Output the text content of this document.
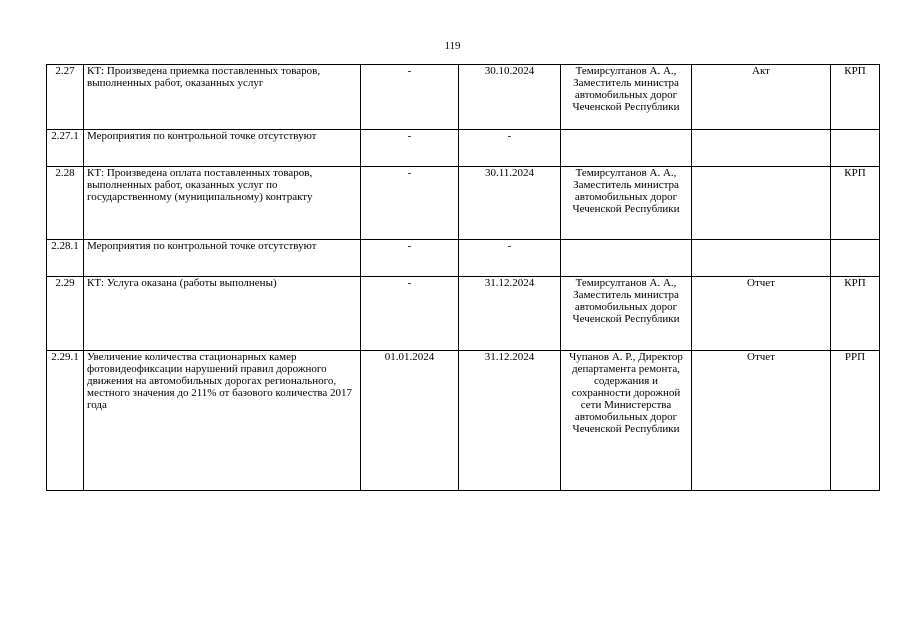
119
2.27	КТ: Произведена приемка поставленных товаров, выполненных работ, оказанных услуг	-	30.10.2024	Темирсултанов А. А., Заместитель министра автомобильных дорог Чеченской Республики	Акт	КРП
2.27.1	Мероприятия по контрольной точке отсутствуют	-	-			
2.28	КТ: Произведена оплата поставленных товаров, выполненных работ, оказанных услуг по государственному (муниципальному) контракту	-	30.11.2024	Темирсултанов А. А., Заместитель министра автомобильных дорог Чеченской Республики		КРП
2.28.1	Мероприятия по контрольной точке отсутствуют	-	-			
2.29	КТ: Услуга оказана (работы выполнены)	-	31.12.2024	Темирсултанов А. А., Заместитель министра автомобильных дорог Чеченской Республики	Отчет	КРП
2.29.1	Увеличение количества стационарных камер фотовидеофиксации нарушений правил дорожного движения на автомобильных дорогах регионального, местного значения до 211% от базового количества 2017 года	01.01.2024	31.12.2024	Чупанов А. Р., Директор департамента ремонта, содержания и сохранности дорожной сети Министерства автомобильных дорог Чеченской Республики	Отчет	РРП
